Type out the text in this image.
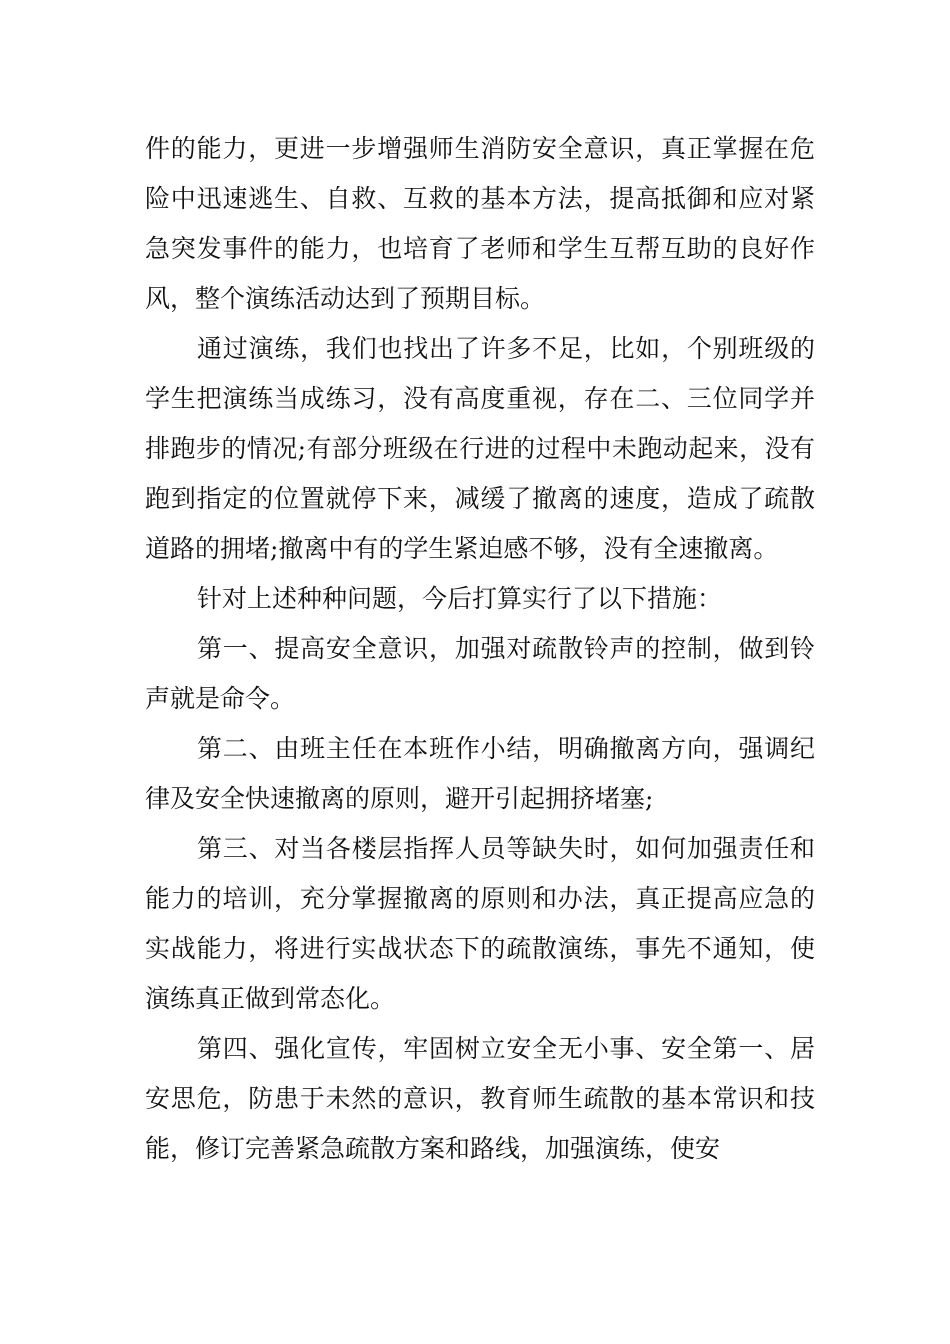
件的能力，更进一步增强师生消防安全意识，真正掌握在危险中迅速逃生、自救、互救的基本方法，提高抵御和应对紧急突发事件的能力，也培育了老师和学生互帮互助的良好作风，整个演练活动达到了预期目标。

通过演练，我们也找出了许多不足，比如，个别班级的学生把演练当成练习，没有高度重视，存在二、三位同学并排跑步的情况;有部分班级在行进的过程中未跑动起来，没有跑到指定的位置就停下来，减缓了撤离的速度，造成了疏散道路的拥堵;撤离中有的学生紧迫感不够，没有全速撤离。

针对上述种种问题，今后打算实行了以下措施：

第一、提高安全意识，加强对疏散铃声的控制，做到铃声就是命令。

第二、由班主任在本班作小结，明确撤离方向，强调纪律及安全快速撤离的原则，避开引起拥挤堵塞;

第三、对当各楼层指挥人员等缺失时，如何加强责任和能力的培训，充分掌握撤离的原则和办法，真正提高应急的实战能力，将进行实战状态下的疏散演练，事先不通知，使演练真正做到常态化。

第四、强化宣传，牢固树立安全无小事、安全第一、居安思危，防患于未然的意识，教育师生疏散的基本常识和技能，修订完善紧急疏散方案和路线，加强演练，使安
